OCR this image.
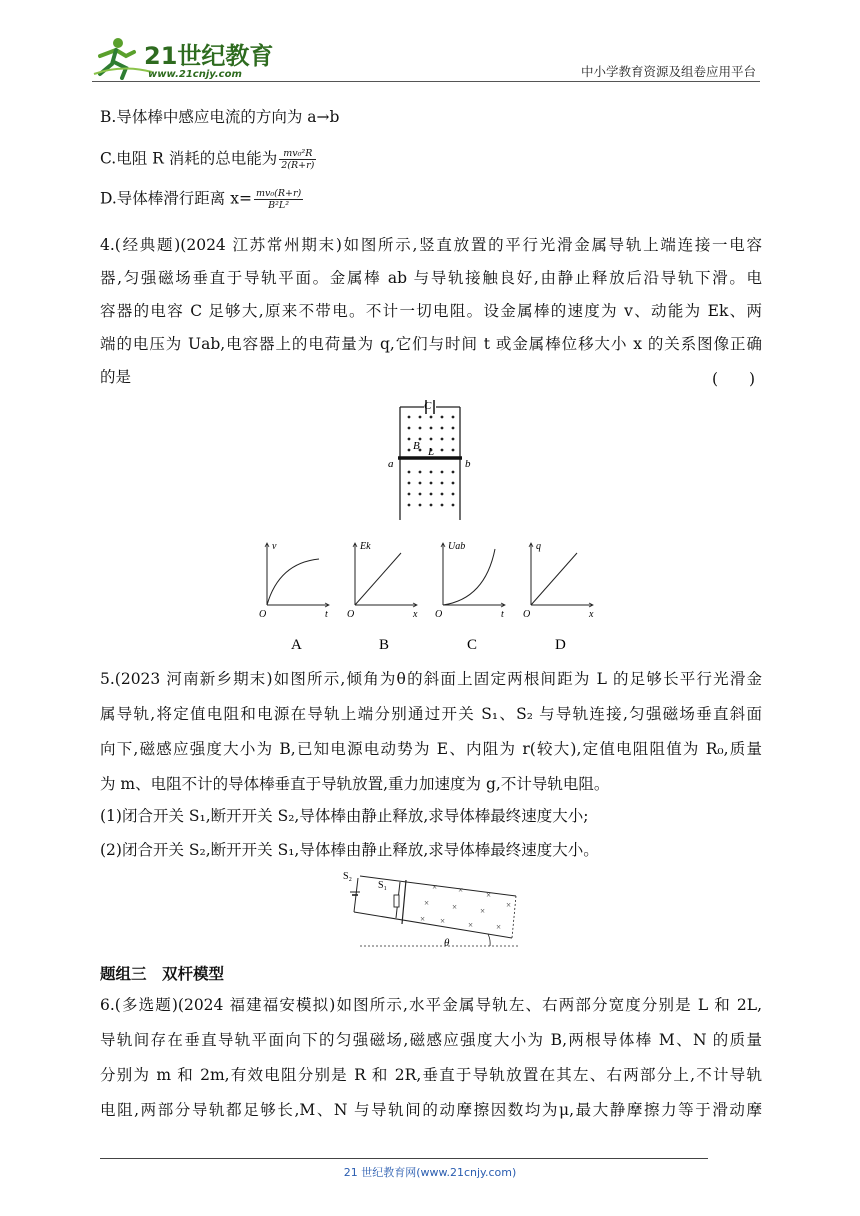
21世纪教育
www.21cnjy.com	中小学教育资源及组卷应用平台
B.导体棒中感应电流的方向为 a→b
C.电阻 R 消耗的总电能为 $\frac{\text{mv₀²R}}{2(R+r)}$
D.导体棒滑行距离 $x= \frac{\text{mv₀(R+r)}}{\text{B²L²}}$
4.(经典题)(2024 江苏常州期末)如图所示,竖直放置的平行光滑金属导轨上端连接一电容
器,匀强磁场垂直于导轨平面。金属棒 ab 与导轨接触良好,由静止释放后沿导轨下滑。电
容器的电容 C 足够大,原来不带电。不计一切电阻。设金属棒的速度为 v、动能为 Ek、两
端的电压为 Uab,电容器上的电荷量为 q,它们与时间 t 或金属棒位移大小 x 的关系图像正确
的是	(　　)
C
B L
a	b
v
t
O
A
Ek
x
O
B
Uab
t
O
C
q
x
O
D
5.(2023 河南新乡期末)如图所示,倾角为θ的斜面上固定两根间距为 L 的足够长平行光滑金
属导轨,将定值电阻和电源在导轨上端分别通过开关 S₁、S₂ 与导轨连接,匀强磁场垂直斜面
向下,磁感应强度大小为 B,已知电源电动势为 E、内阻为 r(较大),定值电阻阻值为 R₀,质量
为 m、电阻不计的导体棒垂直于导轨放置,重力加速度为 g,不计导轨电阻。
(1)闭合开关 S₁,断开开关 S₂,导体棒由静止释放,求导体棒最终速度大小;
(2)闭合开关 S₂,断开开关 S₁,导体棒由静止释放,求导体棒最终速度大小。
S₂
S₁	× ×	×
×	×	×
×
×	×	×
×
θ
题组三　双杆模型
6.(多选题)(2024 福建福安模拟)如图所示,水平金属导轨左、右两部分宽度分别是 L 和 2L,
导轨间存在垂直导轨平面向下的匀强磁场,磁感应强度大小为 B,两根导体棒 M、N 的质量
分别为 m 和 2m,有效电阻分别是 R 和 2R,垂直于导轨放置在其左、右两部分上,不计导轨
电阻,两部分导轨都足够长,M、N 与导轨间的动摩擦因数均为μ,最大静摩擦力等于滑动摩
21 世纪教育网(www.21cnjy.com)
